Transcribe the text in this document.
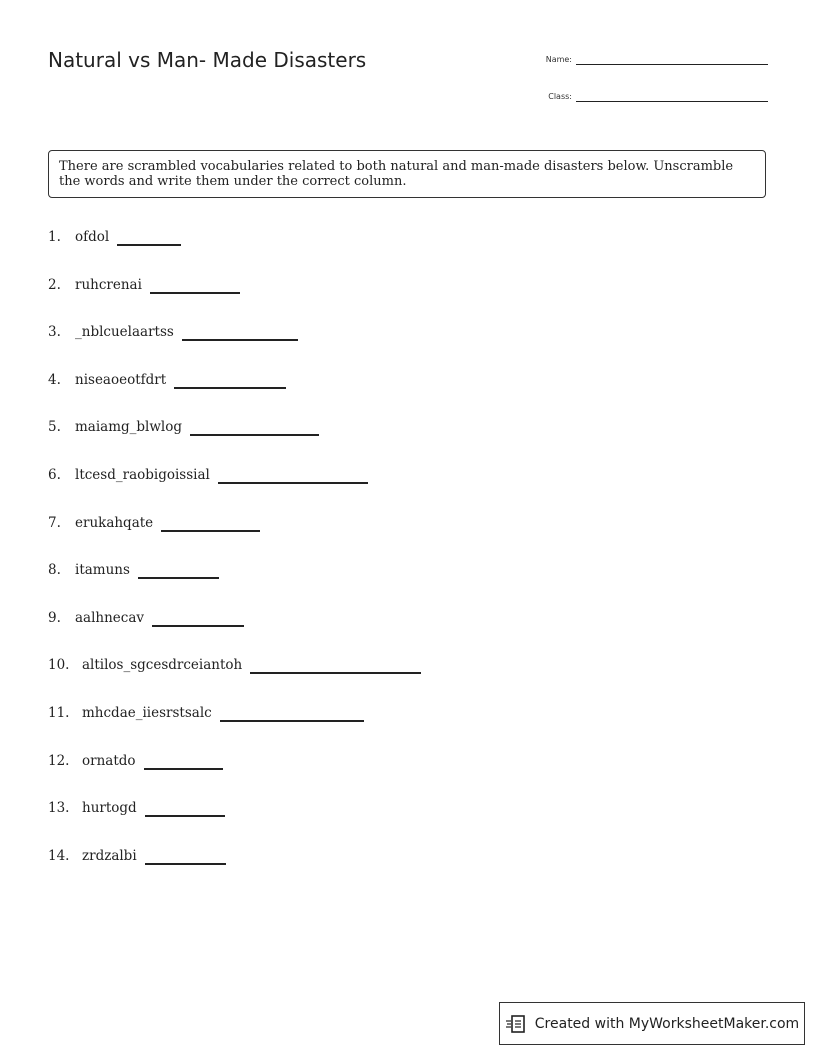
Natural vs Man- Made Disasters	Name:
Class:
There are scrambled vocabularies related to both natural and man-made disasters below. Unscramble the words and write them under the correct column.
1.	ofdol
2.	ruhcrenai
3.	_nblcuelaartss
4.	niseaoeotfdrt
5.	maiamg_blwlog
6.	ltcesd_raobigoissial
7.	erukahqate
8.	itamuns
9.	aalhnecav
10. altilos_sgcesdrceiantoh
11. mhcdae_iiesrstsalc
12. ornatdo
13. hurtogd
14. zrdzalbi
Created with MyWorksheetMaker.com
